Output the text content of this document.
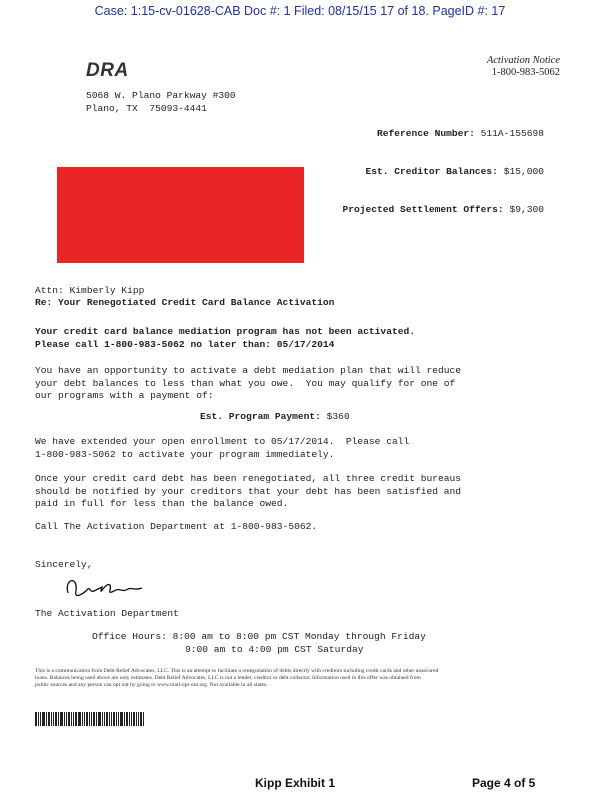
Case: 1:15-cv-01628-CAB Doc #: 1 Filed: 08/15/15 17 of 18. PageID #: 17
DRA
5068 W. Plano Parkway #300
Plano, TX  75093-4441
Activation Notice
1-800-983-5062

Reference Number: 511A-155698

Est. Creditor Balances: $15,000

Projected Settlement Offers: $9,300

Attn: Kimberly Kipp
Re: Your Renegotiated Credit Card Balance Activation
Your credit card balance mediation program has not been activated.
Please call 1-800-983-5062 no later than: 05/17/2014
You have an opportunity to activate a debt mediation plan that will reduce
your debt balances to less than what you owe.  You may qualify for one of
our programs with a payment of:
Est. Program Payment: $360
We have extended your open enrollment to 05/17/2014.  Please call
1-800-983-5062 to activate your program immediately.
Once your credit card debt has been renegotiated, all three credit bureaus
should be notified by your creditors that your debt has been satisfied and
paid in full for less than the balance owed.
Call The Activation Department at 1-800-983-5062.
Sincerely,
The Activation Department
Office Hours: 8:00 am to 8:00 pm CST Monday through Friday
9:00 am to 4:00 pm CST Saturday
This is a communication from Debt Relief Advocates, LLC. This is an attempt to facilitate a renegotiation of debts directly with creditors including credit cards and other unsecured
loans. Balances being used above are only estimates. Debt Relief Advocates, LLC is not a lender, creditor or debt collector. Information used in this offer was obtained from
public sources and any person can opt out by going to www.mail-opt-out.org. Not available in all states.
Kipp Exhibit 1	Page 4 of 5
